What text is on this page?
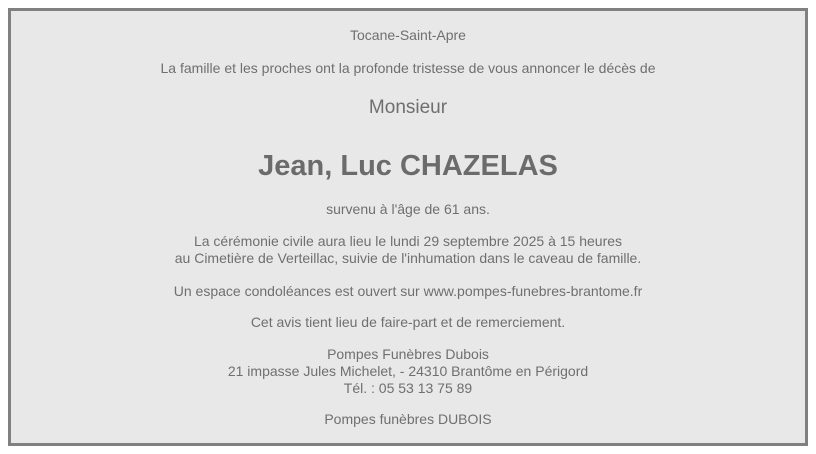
Tocane-Saint-Apre
La famille et les proches ont la profonde tristesse de vous annoncer le décès de
Monsieur
Jean, Luc CHAZELAS
survenu à l'âge de 61 ans.
La cérémonie civile aura lieu le lundi 29 septembre 2025 à 15 heures
au Cimetière de Verteillac, suivie de l'inhumation dans le caveau de famille.
Un espace condoléances est ouvert sur www.pompes-funebres-brantome.fr
Cet avis tient lieu de faire-part et de remerciement.
Pompes Funèbres Dubois
21 impasse Jules Michelet, - 24310 Brantôme en Périgord
Tél. : 05 53 13 75 89
Pompes funèbres DUBOIS
